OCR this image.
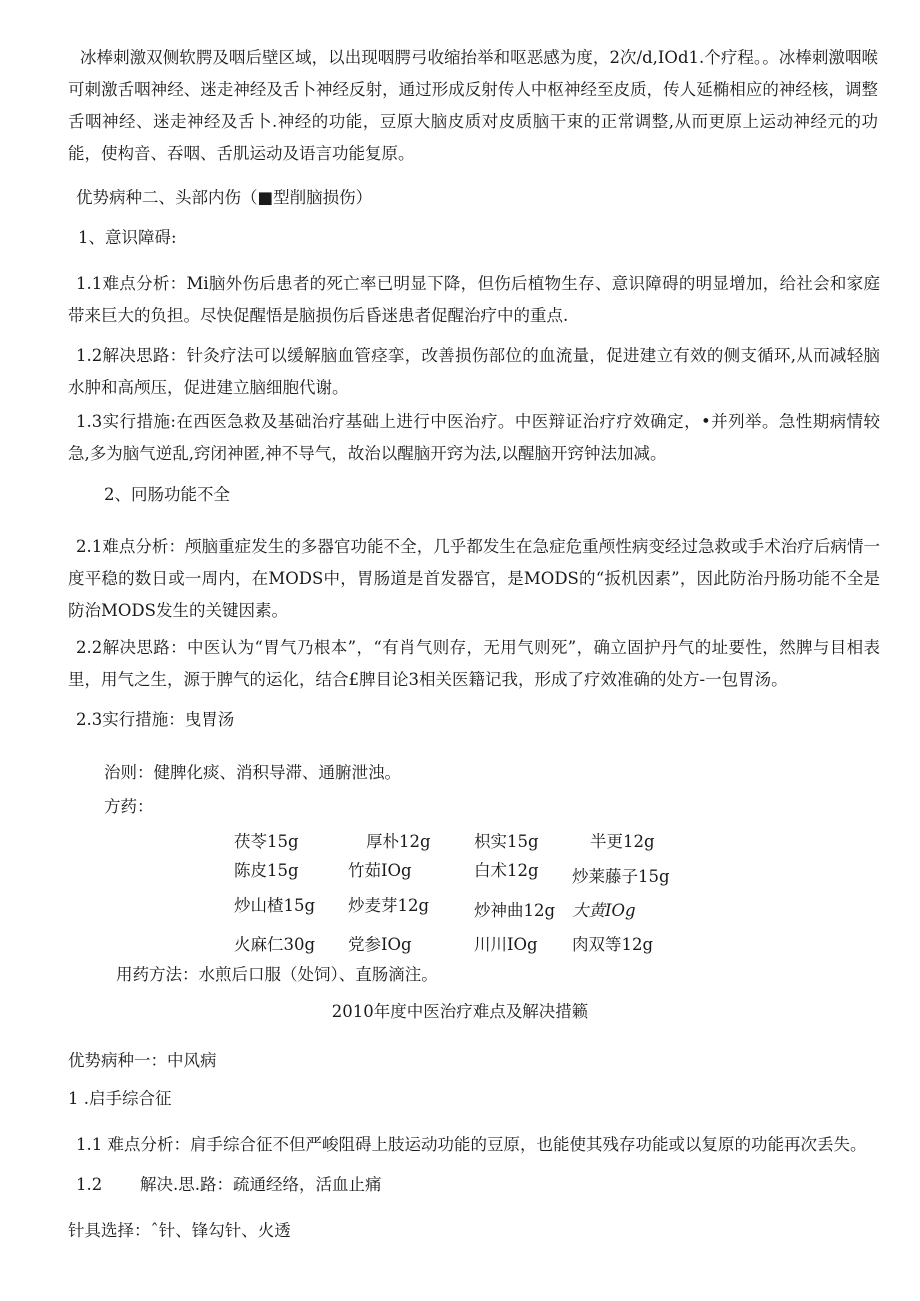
冰棒刺激双侧软腭及咽后壁区域，以出现咽腭弓收缩抬举和呕恶感为度，2次/d,IOd1.个疗程。。冰棒刺激咽喉可刺激舌咽神经、迷走神经及舌卜神经反射，通过形成反射传人中枢神经至皮质，传人延椭相应的神经核，调整舌咽神经、迷走神经及舌卜.神经的功能，豆原大脑皮质对皮质脑干束的正常调整,从而更原上运动神经元的功能，使构音、吞咽、舌肌运动及语言功能复原。
优势病种二、头部内伤（■型削脑损伤）
1、意识障碍:
1.1难点分析：Mi脑外伤后患者的死亡率已明显下降，但伤后植物生存、意识障碍的明显增加，给社会和家庭带来巨大的负担。尽快促醒悟是脑损伤后昏迷患者促醒治疗中的重点.
1.2解决思路：针灸疗法可以缓解脑血管痉挛，改善损伤部位的血流量，促进建立有效的侧支循环,从而减轻脑水肿和高颅压，促进建立脑细胞代谢。
1.3实行措施:在西医急救及基础治疗基础上进行中医治疗。中医辩证治疗疗效确定，•并列举。急性期病情较急,多为脑气逆乱,窍闭神匿,神不导气，故治以醒脑开窍为法,以醒脑开窍钟法加减。
2、冋肠功能不全
2.1难点分析：颅脑重症发生的多器官功能不全，几乎都发生在急症危重颅性病变经过急救或手术治疗后病情一度平稳的数日或一周内，在MODS中，胃肠道是首发器官，是MODS的“扳机因素”，因此防治丹肠功能不全是防治MODS发生的关键因素。
2.2解决思路：中医认为“胃气乃根本”，“有肖气则存，无用气则死”，确立固护丹气的址要性，然脾与目相表里，用气之生，源于脾气的运化，结合£脾目论3相关医籍记我，形成了疗效准确的处方-一包胃汤。
2.3实行措施：曳胃汤
治则：健脾化痰、消积导滞、通腑泄浊。
方药：
茯苓15g	厚朴12g	枳实15g	半更12g
陈皮15g	竹茹IOg	白术12g 炒莱藤子15g
炒山楂15g 炒麦芽12g	炒神曲12g 大黄IOg
火麻仁30g 党参IOg	川川IOg 肉双等12g
用药方法：水煎后口服（处饲）、直肠滴注。
2010年度中医治疗难点及解决措籁
优势病种一：中风病
1 .启手综合征
1.1 难点分析：肩手综合征不但严峻阻碍上肢运动功能的豆原，也能使其残存功能或以复原的功能再次丢失。
1.2 解决.思.路：疏通经络，活血止痛
针具选择：ˆ针、锋勾针、火透
